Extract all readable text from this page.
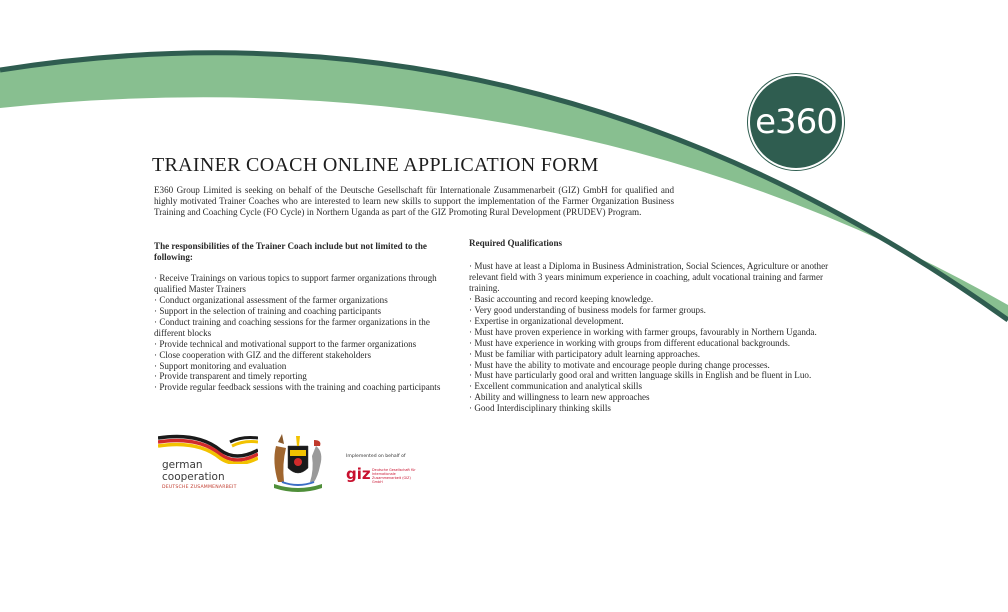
e360
TRAINER COACH ONLINE APPLICATION FORM

E360 Group Limited is seeking on behalf of the Deutsche Gesellschaft für Internationale Zusammenarbeit (GIZ) GmbH for qualified and highly motivated Trainer Coaches who are interested to learn new skills to support the implementation of the Farmer Organization Business Training and Coaching Cycle (FO Cycle) in Northern Uganda as part of the GIZ Promoting Rural Development (PRUDEV) Program.

The responsibilities of the Trainer Coach include but not limited to the following:
· Receive Trainings on various topics to support farmer organizations through qualified Master Trainers
· Conduct organizational assessment of the farmer organizations
· Support in the selection of training and coaching participants
· Conduct training and coaching sessions for the farmer organizations in the different blocks
· Provide technical and motivational support to the farmer organizations
· Close cooperation with GIZ and the different stakeholders
· Support monitoring and evaluation
· Provide transparent and timely reporting
· Provide regular feedback sessions with the training and coaching participants
Required Qualifications
· Must have at least a Diploma in Business Administration, Social Sciences, Agriculture or another relevant field with 3 years minimum experience in coaching, adult vocational training and farmer training.
· Basic accounting and record keeping knowledge.
· Very good understanding of business models for farmer groups.
· Expertise in organizational development.
· Must have proven experience in working with farmer groups, favourably in Northern Uganda.
· Must have experience in working with groups from different educational backgrounds.
· Must be familiar with participatory adult learning approaches.
· Must have the ability to motivate and encourage people during change processes.
· Must have particularly good oral and written language skills in English and be fluent in Luo.
· Excellent communication and analytical skills
· Ability and willingness to learn new approaches
· Good Interdisciplinary thinking skills
german
cooperation
DEUTSCHE ZUSAMMENARBEIT
Implemented on behalf of
giz Deutsche Gesellschaft für Internationale Zusammenarbeit (GIZ) GmbH
